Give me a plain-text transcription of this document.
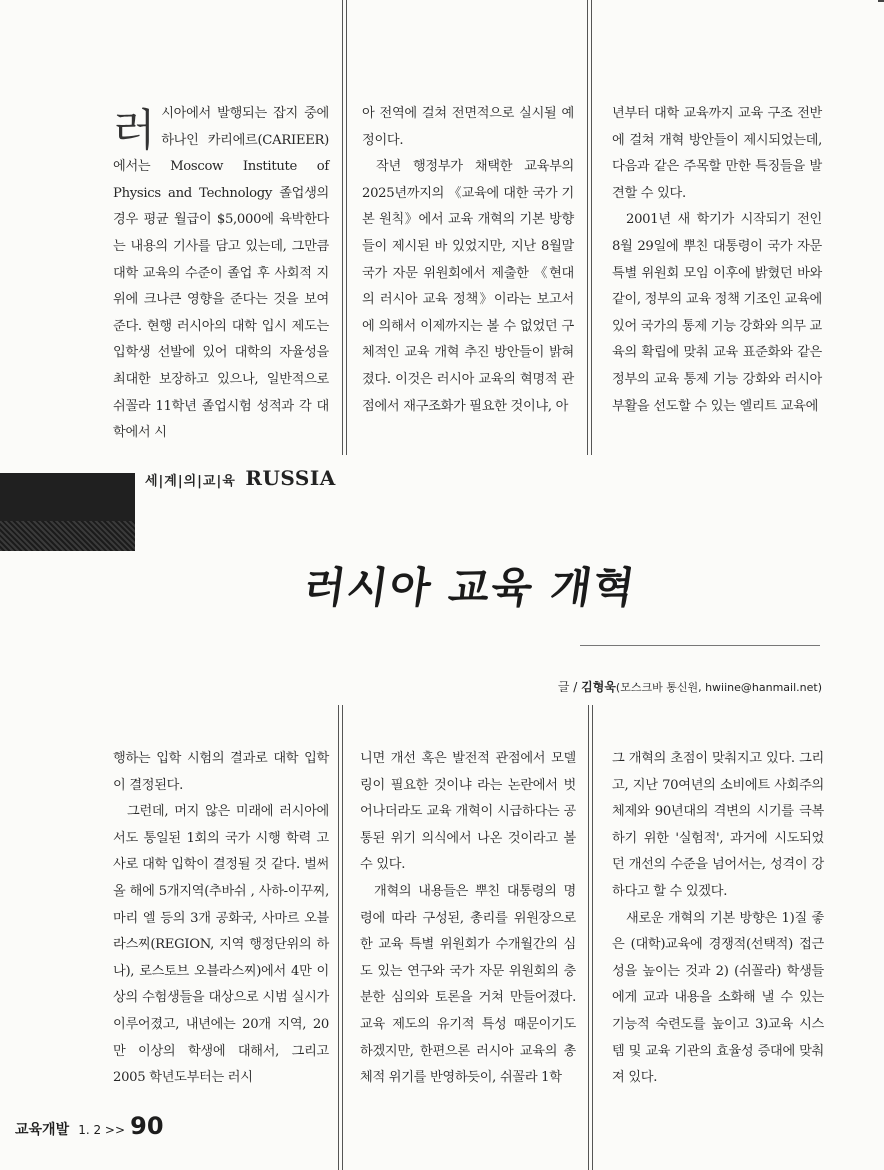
러시아에서 발행되는 잡지 중에 하나인 카리에르(CARIEER)에서는 Moscow Institute of Physics and Technology 졸업생의 경우 평균 월급이 $5,000에 육박한다는 내용의 기사를 담고 있는데, 그만큼 대학 교육의 수준이 졸업 후 사회적 지위에 크나큰 영향을 준다는 것을 보여준다. 현행 러시아의 대학 입시 제도는 입학생 선발에 있어 대학의 자율성을 최대한 보장하고 있으나, 일반적으로 쉬꼴라 11학년 졸업시험 성적과 각 대학에서 시

아 전역에 걸쳐 전면적으로 실시될 예정이다.

작년 행정부가 채택한 교육부의 2025년까지의 《교육에 대한 국가 기본 원칙》에서 교육 개혁의 기본 방향들이 제시된 바 있었지만, 지난 8월말 국가 자문 위원회에서 제출한 《현대의 러시아 교육 정책》이라는 보고서에 의해서 이제까지는 볼 수 없었던 구체적인 교육 개혁 추진 방안들이 밝혀졌다. 이것은 러시아 교육의 혁명적 관점에서 재구조화가 필요한 것이냐, 아

년부터 대학 교육까지 교육 구조 전반에 걸쳐 개혁 방안들이 제시되었는데, 다음과 같은 주목할 만한 특징들을 발견할 수 있다.

2001년 새 학기가 시작되기 전인 8월 29일에 뿌친 대통령이 국가 자문 특별 위원회 모임 이후에 밝혔던 바와 같이, 정부의 교육 정책 기조인 교육에 있어 국가의 통제 기능 강화와 의무 교육의 확립에 맞춰 교육 표준화와 같은 정부의 교육 통제 기능 강화와 러시아 부활을 선도할 수 있는 엘리트 교육에

세|계|의|교|육 RUSSIA
러시아 교육 개혁
글 / 김형욱(모스크바 통신원, hwiine@hanmail.net)

행하는 입학 시험의 결과로 대학 입학이 결정된다.

그런데, 머지 않은 미래에 러시아에서도 통일된 1회의 국가 시행 학력 고사로 대학 입학이 결정될 것 같다. 벌써 올 해에 5개지역(추바쉬 , 사하-이꾸찌, 마리 엘 등의 3개 공화국, 사마르 오블라스찌(REGION, 지역 행정단위의 하나), 로스토브 오블라스찌)에서 4만 이상의 수험생들을 대상으로 시범 실시가 이루어졌고, 내년에는 20개 지역, 20만 이상의 학생에 대해서, 그리고 2005 학년도부터는 러시

니면 개선 혹은 발전적 관점에서 모델링이 필요한 것이냐 라는 논란에서 벗어나더라도 교육 개혁이 시급하다는 공통된 위기 의식에서 나온 것이라고 볼 수 있다.

개혁의 내용들은 뿌친 대통령의 명령에 따라 구성된, 총리를 위원장으로 한 교육 특별 위원회가 수개월간의 심도 있는 연구와 국가 자문 위원회의 충분한 심의와 토론을 거쳐 만들어졌다. 교육 제도의 유기적 특성 때문이기도 하겠지만, 한편으론 러시아 교육의 총체적 위기를 반영하듯이, 쉬꼴라 1학

그 개혁의 초점이 맞춰지고 있다. 그리고, 지난 70여년의 소비에트 사회주의 체제와 90년대의 격변의 시기를 극복하기 위한 '실험적', 과거에 시도되었던 개선의 수준을 넘어서는, 성격이 강하다고 할 수 있겠다.

새로운 개혁의 기본 방향은 1)질 좋은 (대학)교육에 경쟁적(선택적) 접근성을 높이는 것과 2) (쉬꼴라) 학생들에게 교과 내용을 소화해 낼 수 있는 기능적 숙련도를 높이고 3)교육 시스템 및 교육 기관의 효율성 증대에 맞춰져 있다.

교육개발 1. 2 >> 90
